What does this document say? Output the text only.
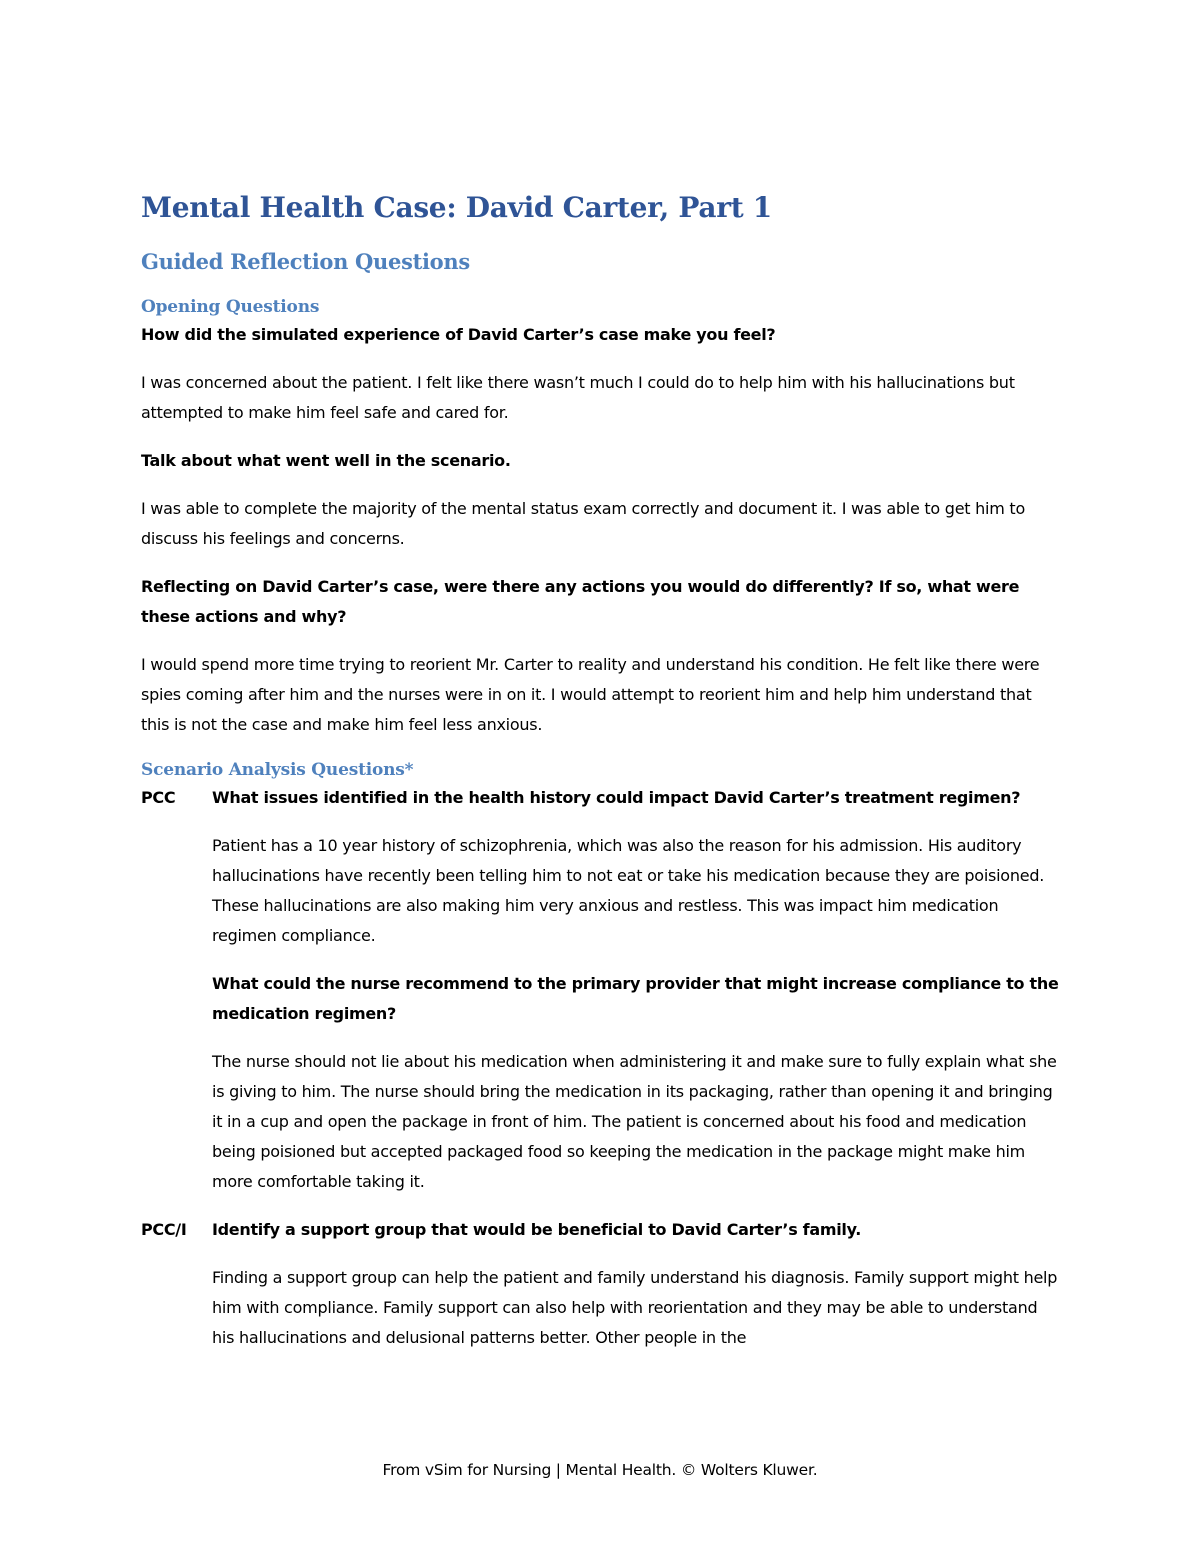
Mental Health Case: David Carter, Part 1
Guided Reflection Questions
Opening Questions

How did the simulated experience of David Carter’s case make you feel?

I was concerned about the patient. I felt like there wasn’t much I could do to help him with his hallucinations but attempted to make him feel safe and cared for.

Talk about what went well in the scenario.

I was able to complete the majority of the mental status exam correctly and document it. I was able to get him to discuss his feelings and concerns.

Reflecting on David Carter’s case, were there any actions you would do differently? If so, what were these actions and why?

I would spend more time trying to reorient Mr. Carter to reality and understand his condition. He felt like there were spies coming after him and the nurses were in on it. I would attempt to reorient him and help him understand that this is not the case and make him feel less anxious.

Scenario Analysis Questions*
PCC	What issues identified in the health history could impact David Carter’s treatment regimen?

Patient has a 10 year history of schizophrenia, which was also the reason for his admission. His auditory hallucinations have recently been telling him to not eat or take his medication because they are poisioned. These hallucinations are also making him very anxious and restless. This was impact him medication regimen compliance.

What could the nurse recommend to the primary provider that might increase compliance to the medication regimen?

The nurse should not lie about his medication when administering it and make sure to fully explain what she is giving to him. The nurse should bring the medication in its packaging, rather than opening it and bringing it in a cup and open the package in front of him. The patient is concerned about his food and medication being poisioned but accepted packaged food so keeping the medication in the package might make him more comfortable taking it.

PCC/I	Identify a support group that would be beneficial to David Carter’s family.

Finding a support group can help the patient and family understand his diagnosis. Family support might help him with compliance. Family support can also help with reorientation and they may be able to understand his hallucinations and delusional patterns better. Other people in the

From vSim for Nursing | Mental Health. © Wolters Kluwer.
